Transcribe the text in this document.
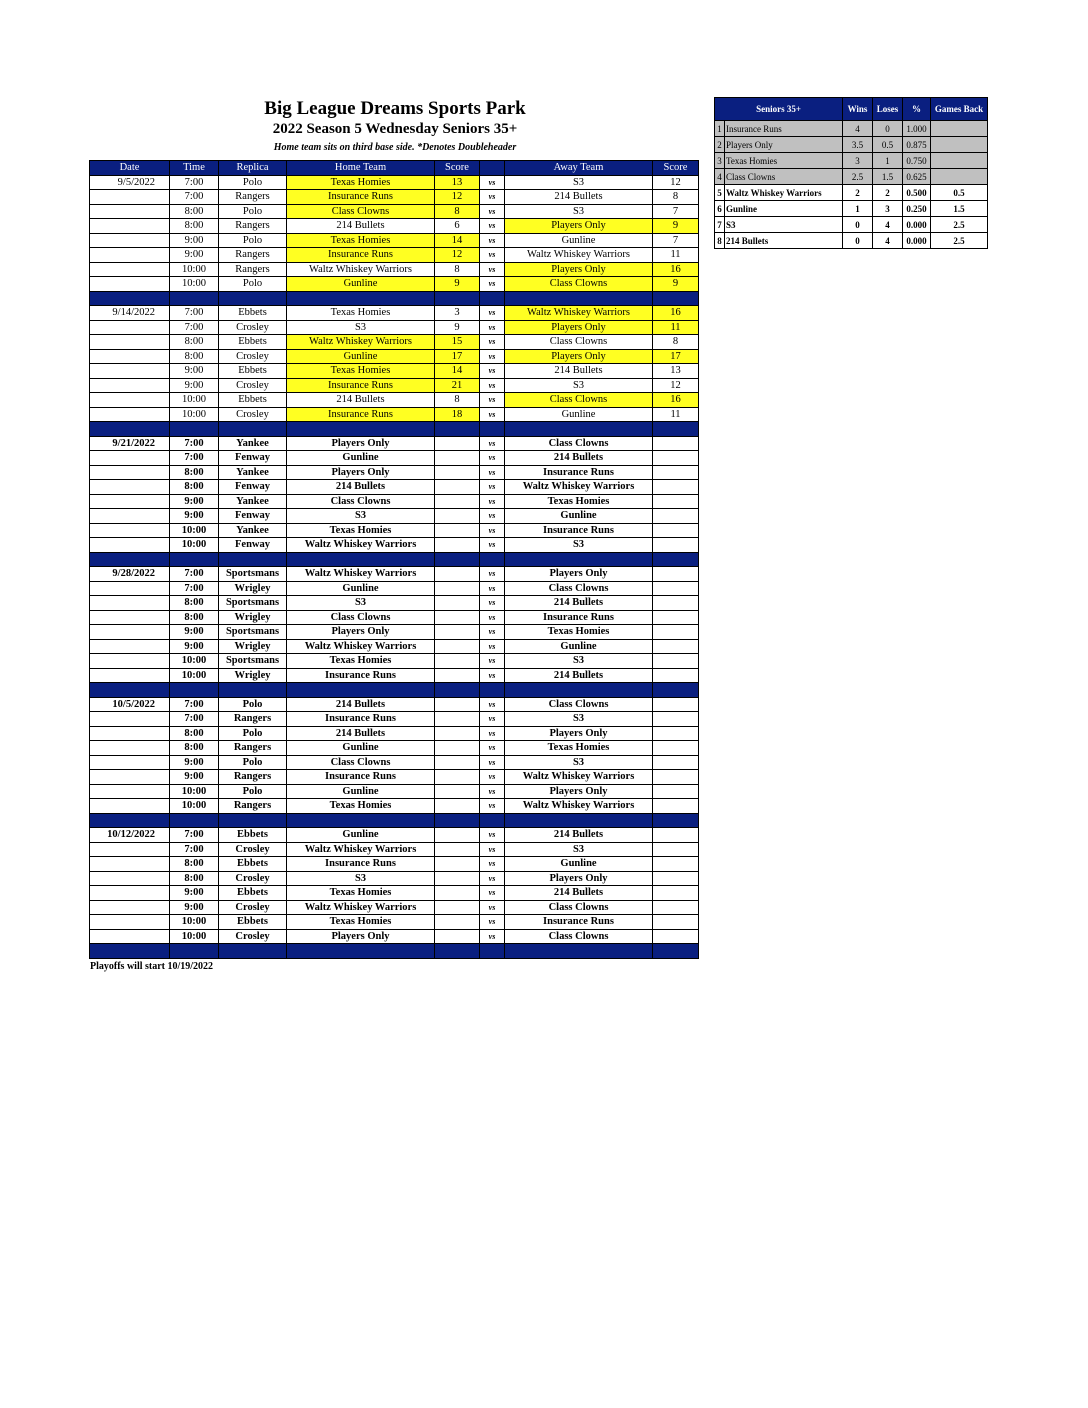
Big League Dreams Sports Park
2022 Season 5 Wednesday Seniors 35+
Home team sits on third base side. *Denotes Doubleheader
Date	Time	Replica	Home Team	Score		Away Team	Score
9/5/2022	7:00	Polo	Texas Homies	13	vs	S3	12
	7:00	Rangers	Insurance Runs	12	vs	214 Bullets	8
	8:00	Polo	Class Clowns	8	vs	S3	7
	8:00	Rangers	214 Bullets	6	vs	Players Only	9
	9:00	Polo	Texas Homies	14	vs	Gunline	7
	9:00	Rangers	Insurance Runs	12	vs	Waltz Whiskey Warriors	11
	10:00	Rangers	Waltz Whiskey Warriors	8	vs	Players Only	16
	10:00	Polo	Gunline	9	vs	Class Clowns	9

9/14/2022	7:00	Ebbets	Texas Homies	3	vs	Waltz Whiskey Warriors	16
	7:00	Crosley	S3	9	vs	Players Only	11
	8:00	Ebbets	Waltz Whiskey Warriors	15	vs	Class Clowns	8
	8:00	Crosley	Gunline	17	vs	Players Only	17
	9:00	Ebbets	Texas Homies	14	vs	214 Bullets	13
	9:00	Crosley	Insurance Runs	21	vs	S3	12
	10:00	Ebbets	214 Bullets	8	vs	Class Clowns	16
	10:00	Crosley	Insurance Runs	18	vs	Gunline	11

9/21/2022	7:00	Yankee	Players Only		vs	Class Clowns	
	7:00	Fenway	Gunline		vs	214 Bullets	
	8:00	Yankee	Players Only		vs	Insurance Runs	
	8:00	Fenway	214 Bullets		vs	Waltz Whiskey Warriors	
	9:00	Yankee	Class Clowns		vs	Texas Homies	
	9:00	Fenway	S3		vs	Gunline	
	10:00	Yankee	Texas Homies		vs	Insurance Runs	
	10:00	Fenway	Waltz Whiskey Warriors		vs	S3	

9/28/2022	7:00	Sportsmans	Waltz Whiskey Warriors		vs	Players Only	
	7:00	Wrigley	Gunline		vs	Class Clowns	
	8:00	Sportsmans	S3		vs	214 Bullets	
	8:00	Wrigley	Class Clowns		vs	Insurance Runs	
	9:00	Sportsmans	Players Only		vs	Texas Homies	
	9:00	Wrigley	Waltz Whiskey Warriors		vs	Gunline	
	10:00	Sportsmans	Texas Homies		vs	S3	
	10:00	Wrigley	Insurance Runs		vs	214 Bullets	

10/5/2022	7:00	Polo	214 Bullets		vs	Class Clowns	
	7:00	Rangers	Insurance Runs		vs	S3	
	8:00	Polo	214 Bullets		vs	Players Only	
	8:00	Rangers	Gunline		vs	Texas Homies	
	9:00	Polo	Class Clowns		vs	S3	
	9:00	Rangers	Insurance Runs		vs	Waltz Whiskey Warriors	
	10:00	Polo	Gunline		vs	Players Only	
	10:00	Rangers	Texas Homies		vs	Waltz Whiskey Warriors	

10/12/2022	7:00	Ebbets	Gunline		vs	214 Bullets	
	7:00	Crosley	Waltz Whiskey Warriors		vs	S3	
	8:00	Ebbets	Insurance Runs		vs	Gunline	
	8:00	Crosley	S3		vs	Players Only	
	9:00	Ebbets	Texas Homies		vs	214 Bullets	
	9:00	Crosley	Waltz Whiskey Warriors		vs	Class Clowns	
	10:00	Ebbets	Texas Homies		vs	Insurance Runs	
	10:00	Crosley	Players Only		vs	Class Clowns	

Playoffs will start 10/19/2022
Seniors 35+		Wins	Loses	%	Games Back
1	Insurance Runs	4	0	1.000	
2	Players Only	3.5	0.5	0.875	
3	Texas Homies	3	1	0.750	
4	Class Clowns	2.5	1.5	0.625	
5	Waltz Whiskey Warriors	2	2	0.500	0.5
6	Gunline	1	3	0.250	1.5
7	S3	0	4	0.000	2.5
8	214 Bullets	0	4	0.000	2.5
